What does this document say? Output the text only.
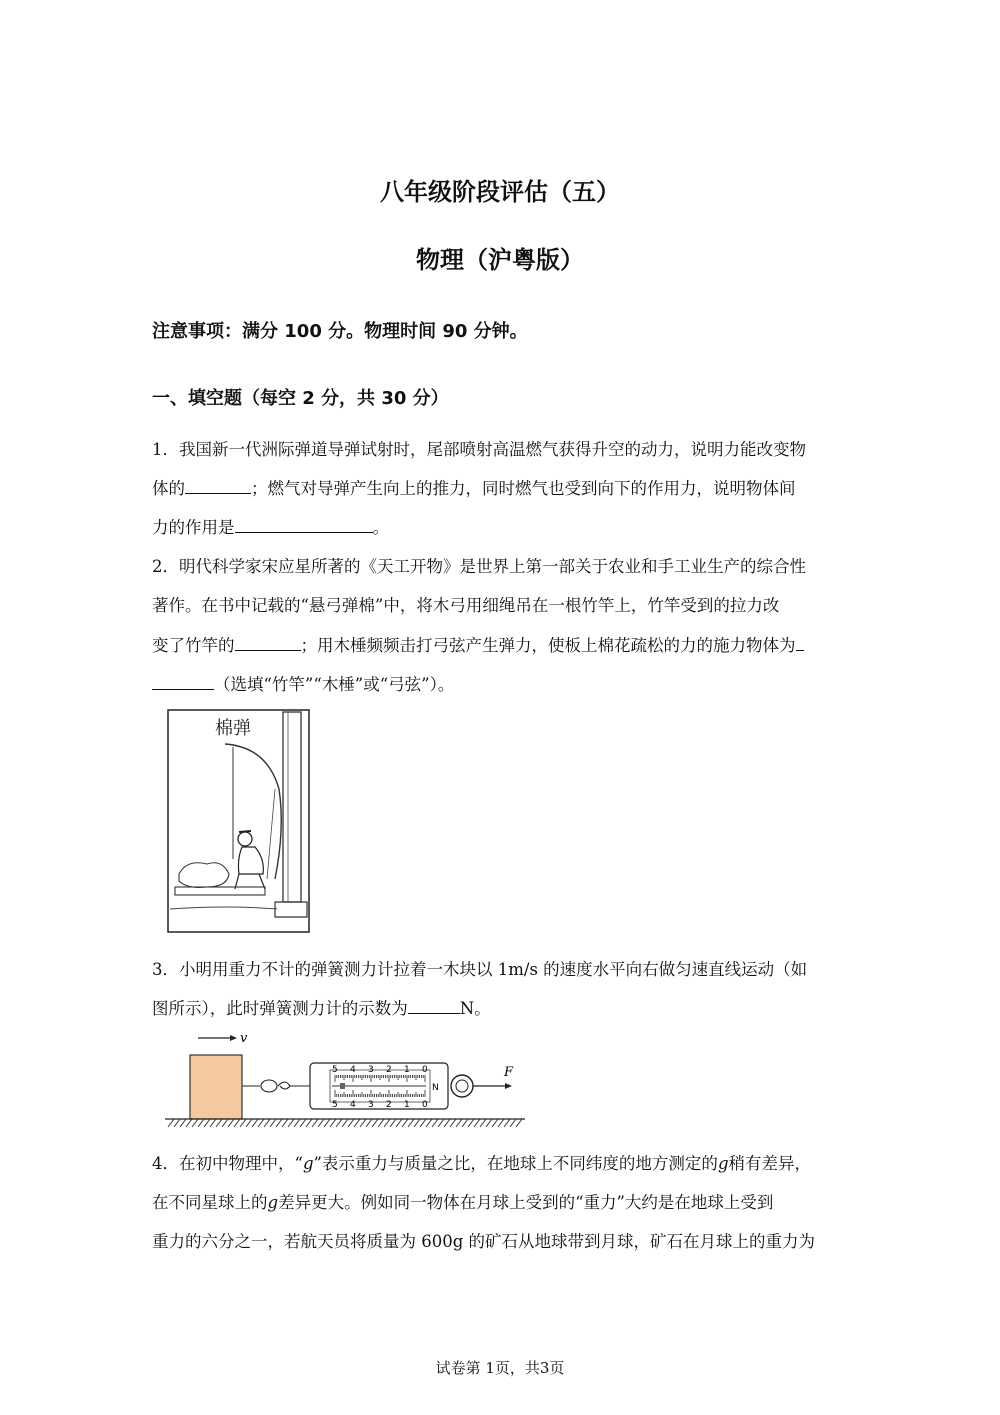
八年级阶段评估（五）
物理（沪粤版）
注意事项：满分 100 分。物理时间 90 分钟。
一、填空题（每空 2 分，共 30 分）
1．我国新一代洲际弹道导弹试射时，尾部喷射高温燃气获得升空的动力，说明力能改变物
体的	；燃气对导弹产生向上的推力，同时燃气也受到向下的作用力，说明物体间
力的作用是	。
2．明代科学家宋应星所著的《天工开物》是世界上第一部关于农业和手工业生产的综合性
著作。在书中记载的“悬弓弹棉”中，将木弓用细绳吊在一根竹竿上，竹竿受到的拉力改
变了竹竿的	；用木棰频频击打弓弦产生弹力，使板上棉花疏松的力的施力物体为
（选填“竹竿”“木棰”或“弓弦”）。
棉弹
3．小明用重力不计的弹簧测力计拉着一木块以 1m/s 的速度水平向右做匀速直线运动（如
图所示），此时弹簧测力计的示数为	N。
v
5
5
4
4
3
3
2
2
1
1
0
0
N
F
4．在初中物理中，“g”表示重力与质量之比，在地球上不同纬度的地方测定的g稍有差异，
在不同星球上的g差异更大。例如同一物体在月球上受到的“重力”大约是在地球上受到
重力的六分之一，若航天员将质量为 600g 的矿石从地球带到月球，矿石在月球上的重力为
试卷第 1页，共3页
